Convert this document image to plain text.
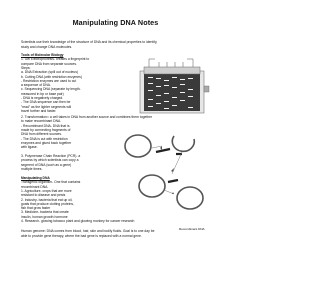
Manipulating DNA Notes
Scientists use their knowledge of the structure of DNA and its chemical properties to identify,
study and change DNA molecules.
Tools of Molecular Biology
1. Gel Electrophoresis- creates a fingerprint to
compare DNA from separate sources.
Steps:
a. DNA Extraction (spill out of nucleus)
b. Cutting DNA (with restriction enzymes)
- Restriction enzymes are used to cut
a sequence of DNA.
c. Sequencing DNA (separate by length-
measured in bp or base pair)
- DNA is negatively charged.
- The DNA sequence can then be
"read" as the lighter segments will
travel further and faster.
2. Transformation= a cell takes in DNA from another source and combines them together
to make recombinant DNA.
- Recombinant DNA- DNA that is
made by connecting fragments of
DNA from different sources.
- The DNA is cut with restriction
enzymes and glued back together
with ligase.
3. Polymerase Chain Reaction (PCR)- a
process by which scientists can copy a
segment of DNA (such as a gene)
multiple times.
Recombinant DNA
Manipulating DNA
Transgenic organism- One that contains
recombinant DNA.
1. Agriculture- crops that are more
resistant to disease and pests
2. Industry- bacteria that eat up oil,
goats that produce clotting proteins,
fish that grow faster
3. Medicine- bacteria that create
insulin, human growth hormone
4. Research- glowing tobacco plant and glowing monkey for cancer research
Human genome: DNA comes from blood, hair, skin and bodily fluids. Goal is to one day be
able to provide gene therapy, where the bad gene is replaced with a normal gene.
